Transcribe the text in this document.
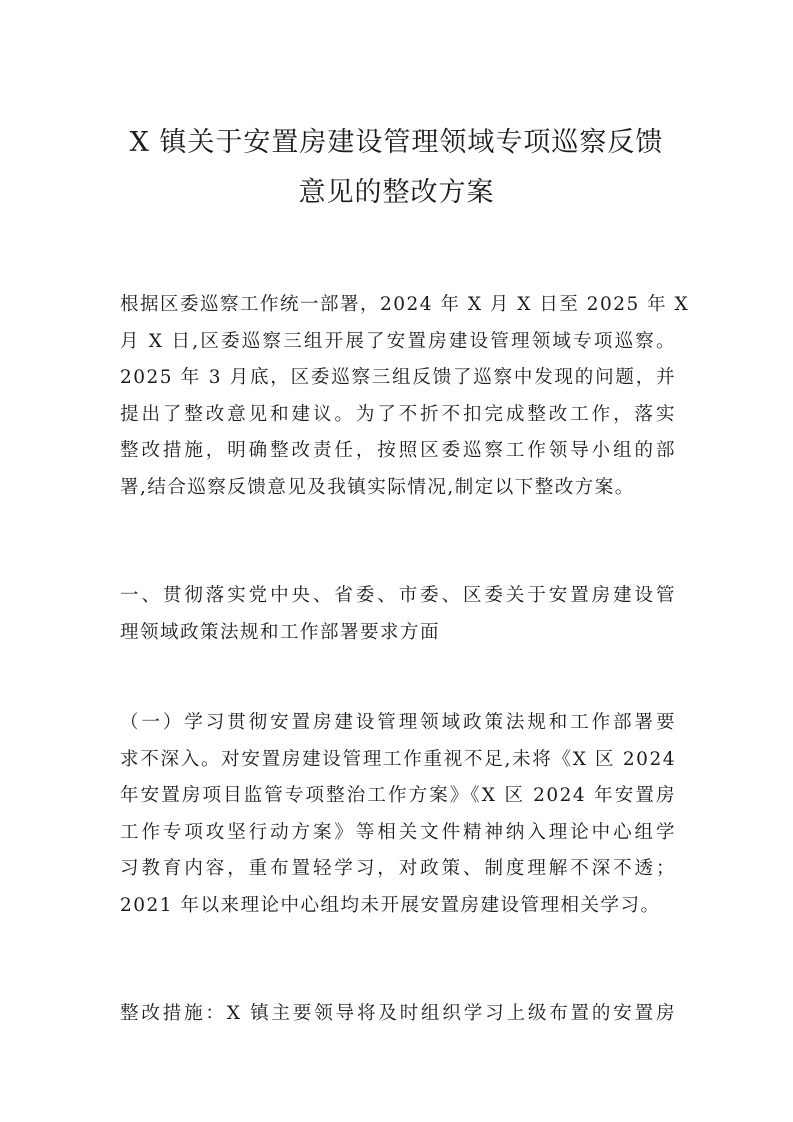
X 镇关于安置房建设管理领域专项巡察反馈
意见的整改方案

根据区委巡察工作统一部署，2024 年 X 月 X 日至 2025 年 X
月 X 日,区委巡察三组开展了安置房建设管理领域专项巡察。
2025 年 3 月底，区委巡察三组反馈了巡察中发现的问题，并
提出了整改意见和建议。为了不折不扣完成整改工作，落实
整改措施，明确整改责任，按照区委巡察工作领导小组的部
署,结合巡察反馈意见及我镇实际情况,制定以下整改方案。

一、贯彻落实党中央、省委、市委、区委关于安置房建设管
理领域政策法规和工作部署要求方面

（一）学习贯彻安置房建设管理领域政策法规和工作部署要
求不深入。对安置房建设管理工作重视不足,未将《X 区 2024
年安置房项目监管专项整治工作方案》《X 区 2024 年安置房
工作专项攻坚行动方案》等相关文件精神纳入理论中心组学
习教育内容，重布置轻学习，对政策、制度理解不深不透；
2021 年以来理论中心组均未开展安置房建设管理相关学习。

整改措施：X 镇主要领导将及时组织学习上级布置的安置房
